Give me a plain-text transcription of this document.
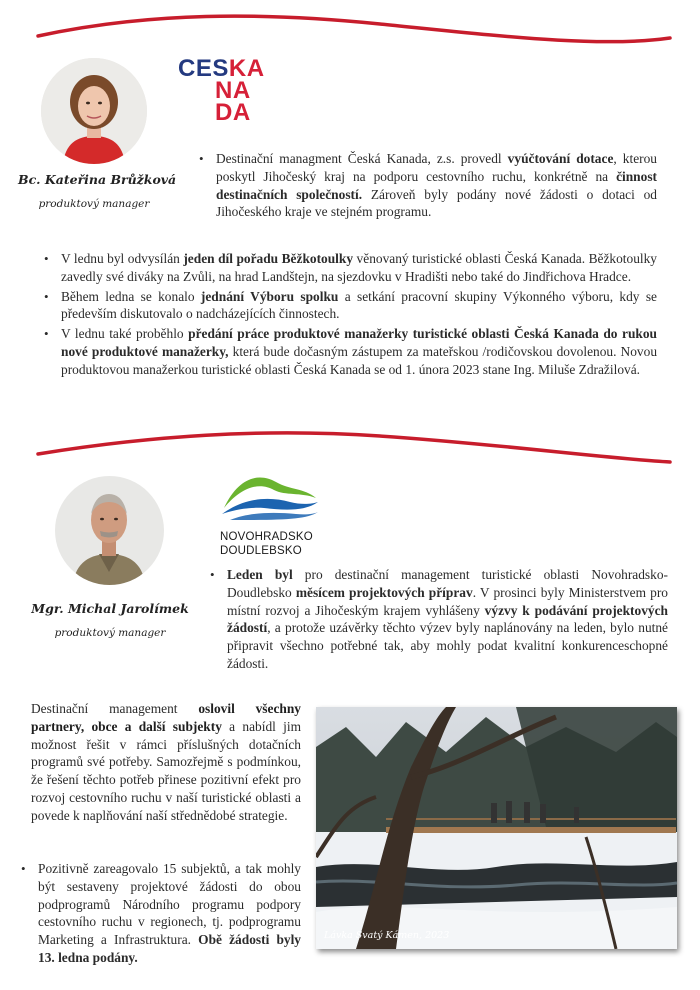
Bc. Kateřina Brůžková
produktový manager
CESKA
NA
DA
• Destinační managment Česká Kanada, z.s. provedl vyúčtování dotace, kterou poskytl Jihočeský kraj na podporu cestovního ruchu, konkrétně na činnost destinačních společností. Zároveň byly podány nové žádosti o dotaci od Jihočeského kraje ve stejném programu.
• V lednu byl odvysílán jeden díl pořadu Běžkotoulky věnovaný turistické oblasti Česká Kanada. Běžkotoulky zavedly své diváky na Zvůli, na hrad Landštejn, na sjezdovku v Hradišti nebo také do Jindřichova Hradce.
• Během ledna se konalo jednání Výboru spolku a setkání pracovní skupiny Výkonného výboru, kdy se především diskutovalo o nadcházejících činnostech.
• V lednu také proběhlo předání práce produktové manažerky turistické oblasti Česká Kanada do rukou nové produktové manažerky, která bude dočasným zástupem za mateřskou /rodičovskou dovolenou. Novou produktovou manažerkou turistické oblasti Česká Kanada se od 1. února 2023 stane Ing. Miluše Zdražilová.
Mgr. Michal Jarolímek
produktový manager
NOVOHRADSKO
DOUDLEBSKO
• Leden byl pro destinační management turistické oblasti Novohradsko-Doudlebsko měsícem projektových příprav. V prosinci byly Ministerstvem pro místní rozvoj a Jihočeským krajem vyhlášeny výzvy k podávání projektových žádostí, a protože uzávěrky těchto výzev byly naplánovány na leden, bylo nutné připravit všechno potřebné tak, aby mohly podat kvalitní konkurenceschopné žádosti.

Destinační management oslovil všechny partnery, obce a další subjekty a nabídl jim možnost řešit v rámci příslušných dotačních programů své potřeby. Samozřejmě s podmínkou, že řešení těchto potřeb přinese pozitivní efekt pro rozvoj cestovního ruchu v naší turistické oblasti a povede k naplňování naší střednědobé strategie.

• Pozitivně zareagovalo 15 subjektů, a tak mohly být sestaveny projektové žádosti do obou podprogramů Národního programu podpory cestovního ruchu v regionech, tj. podprogramu Marketing a Infrastruktura. Obě žádosti byly 13. ledna podány.
Lávka Svatý Kámen, 2023
